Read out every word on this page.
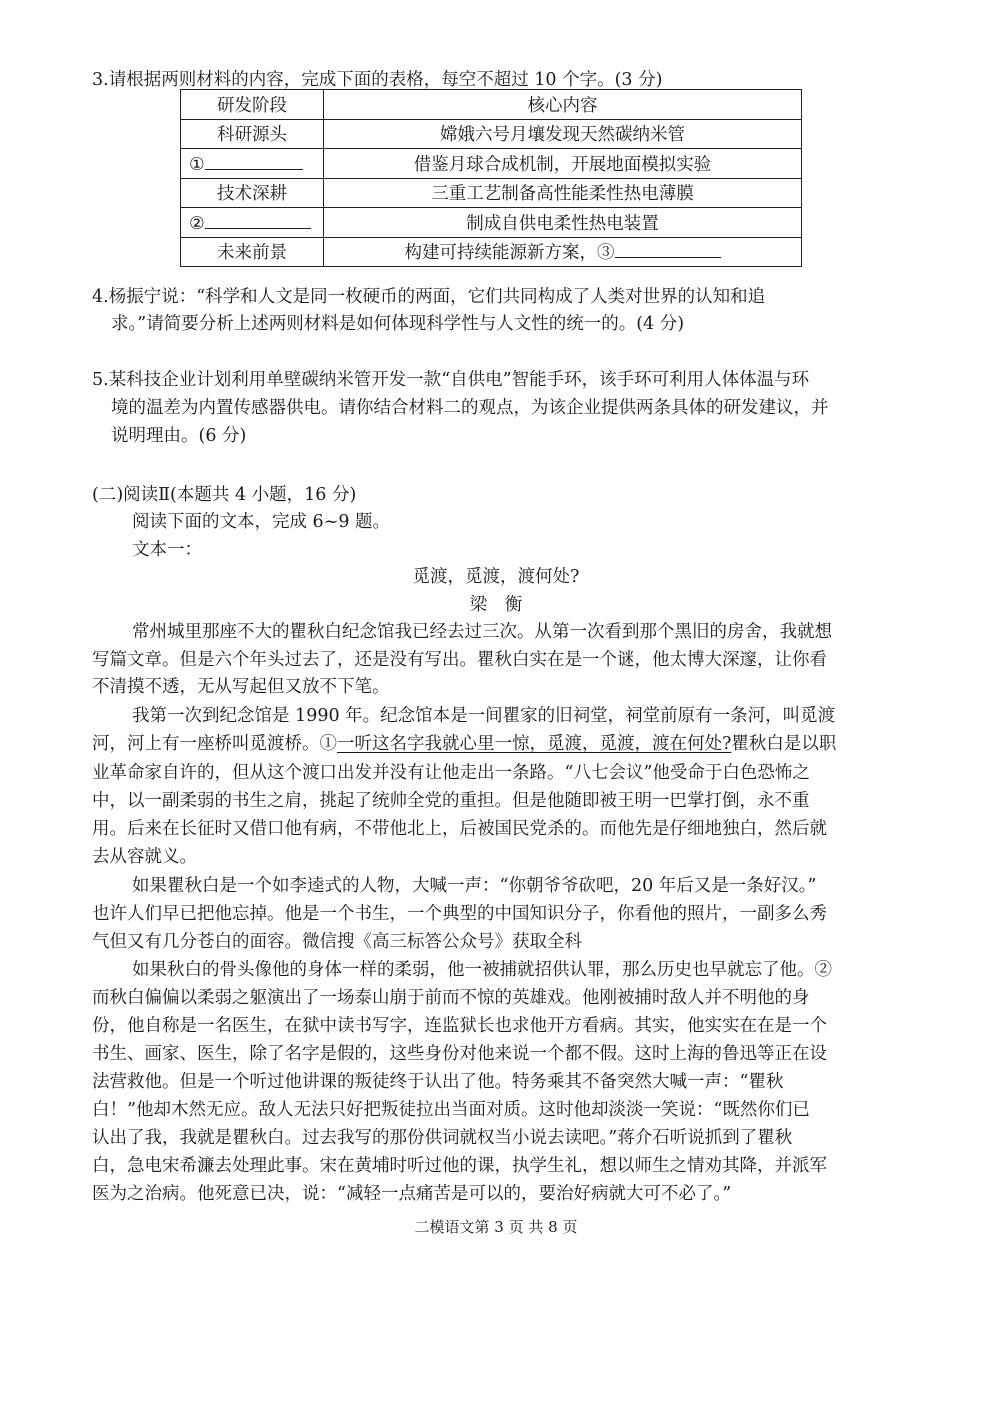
3.请根据两则材料的内容，完成下面的表格，每空不超过 10 个字。(3 分)
研发阶段	核心内容
科研源头	嫦娥六号月壤发现天然碳纳米管
①	借鉴月球合成机制，开展地面模拟实验
技术深耕	三重工艺制备高性能柔性热电薄膜
②	制成自供电柔性热电装置
未来前景	构建可持续能源新方案，③
4.杨振宁说：“科学和人文是同一枚硬币的两面，它们共同构成了人类对世界的认知和追
求。”请简要分析上述两则材料是如何体现科学性与人文性的统一的。(4 分)
5.某科技企业计划利用单壁碳纳米管开发一款“自供电”智能手环，该手环可利用人体体温与环
境的温差为内置传感器供电。请你结合材料二的观点，为该企业提供两条具体的研发建议，并
说明理由。(6 分)
(二)阅读Ⅱ(本题共 4 小题，16 分)
阅读下面的文本，完成 6~9 题。
文本一：
觅渡，觅渡，渡何处?
梁　衡
常州城里那座不大的瞿秋白纪念馆我已经去过三次。从第一次看到那个黑旧的房舍，我就想
写篇文章。但是六个年头过去了，还是没有写出。瞿秋白实在是一个谜，他太博大深邃，让你看
不清摸不透，无从写起但又放不下笔。
我第一次到纪念馆是 1990 年。纪念馆本是一间瞿家的旧祠堂，祠堂前原有一条河，叫觅渡
河，河上有一座桥叫觅渡桥。①一听这名字我就心里一惊，觅渡，觅渡，渡在何处?瞿秋白是以职
业革命家自许的，但从这个渡口出发并没有让他走出一条路。“八七会议”他受命于白色恐怖之
中，以一副柔弱的书生之肩，挑起了统帅全党的重担。但是他随即被王明一巴掌打倒，永不重
用。后来在长征时又借口他有病，不带他北上，后被国民党杀的。而他先是仔细地独白，然后就
去从容就义。
如果瞿秋白是一个如李逵式的人物，大喊一声：“你朝爷爷砍吧，20 年后又是一条好汉。”
也许人们早已把他忘掉。他是一个书生，一个典型的中国知识分子，你看他的照片，一副多么秀
气但又有几分苍白的面容。微信搜《高三标答公众号》获取全科
如果秋白的骨头像他的身体一样的柔弱，他一被捕就招供认罪，那么历史也早就忘了他。②
而秋白偏偏以柔弱之躯演出了一场泰山崩于前而不惊的英雄戏。他刚被捕时敌人并不明他的身
份，他自称是一名医生，在狱中读书写字，连监狱长也求他开方看病。其实，他实实在在是一个
书生、画家、医生，除了名字是假的，这些身份对他来说一个都不假。这时上海的鲁迅等正在设
法营救他。但是一个听过他讲课的叛徒终于认出了他。特务乘其不备突然大喊一声：“瞿秋
白！”他却木然无应。敌人无法只好把叛徒拉出当面对质。这时他却淡淡一笑说：“既然你们已
认出了我，我就是瞿秋白。过去我写的那份供词就权当小说去读吧。”蒋介石听说抓到了瞿秋
白，急电宋希濂去处理此事。宋在黄埔时听过他的课，执学生礼，想以师生之情劝其降，并派军
医为之治病。他死意已决，说：“减轻一点痛苦是可以的，要治好病就大可不必了。”
二模语文第 3 页 共 8 页
